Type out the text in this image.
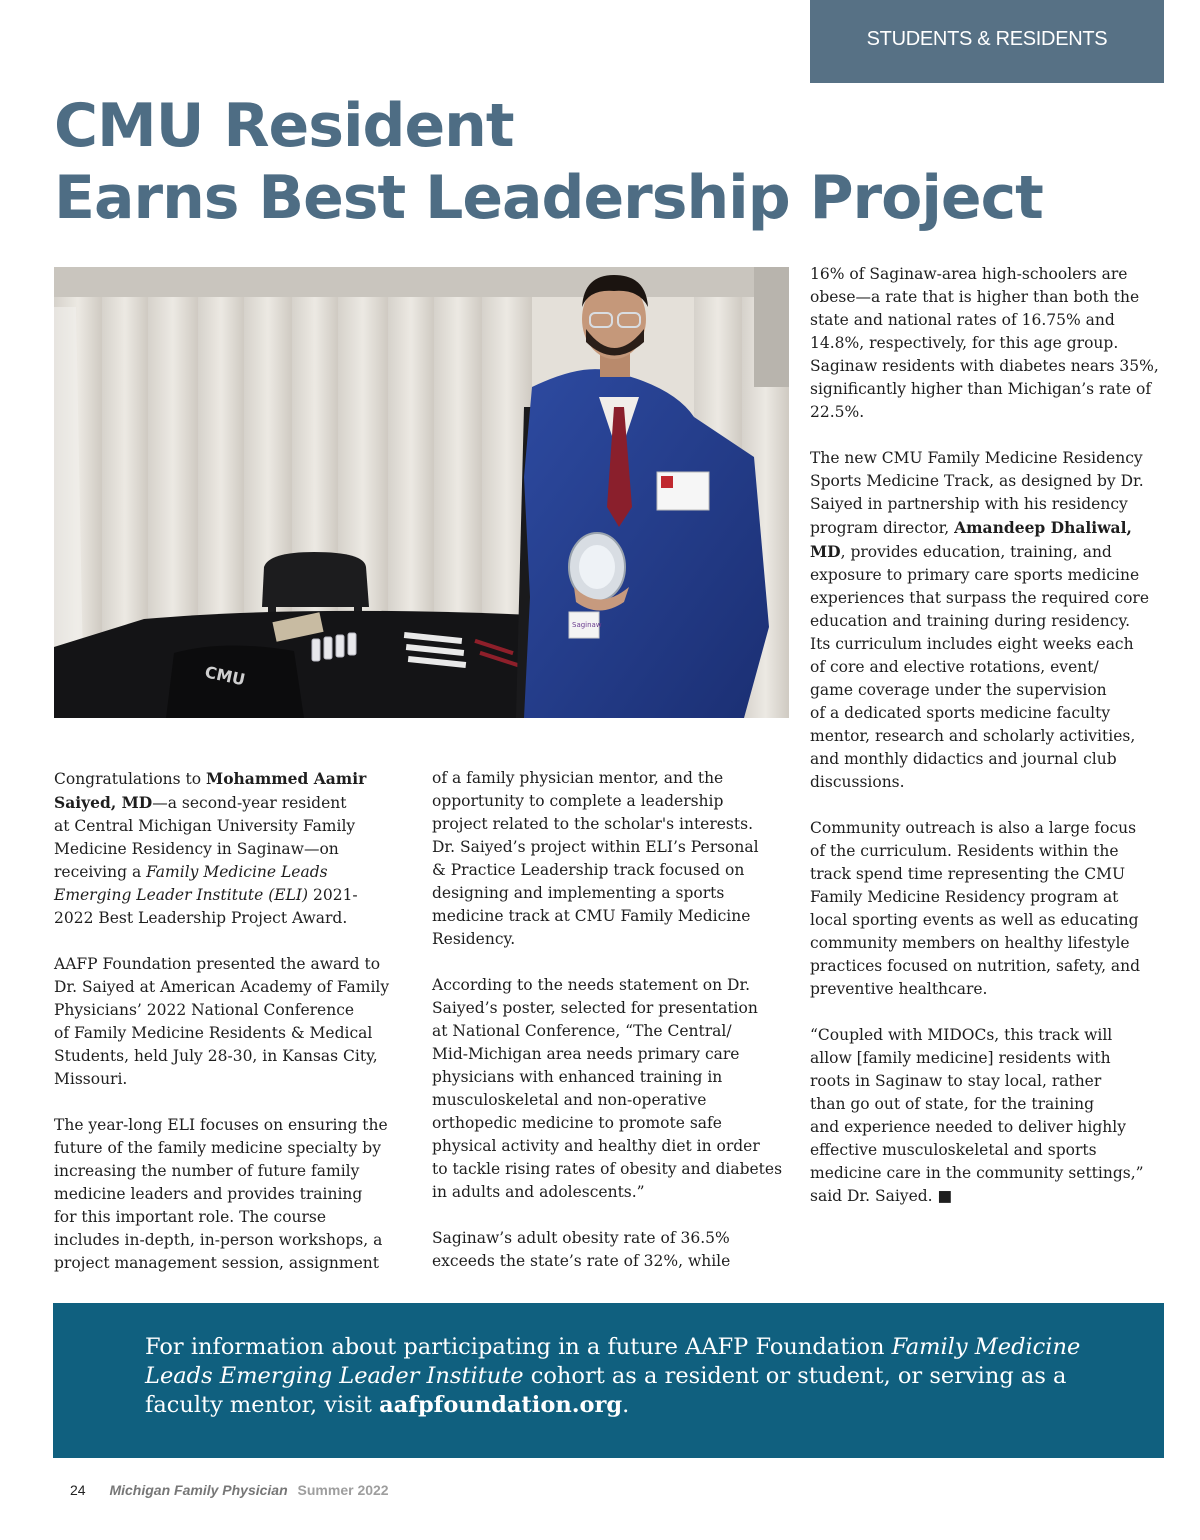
STUDENTS & RESIDENTS
CMU Resident
Earns Best Leadership Project
CMU
Saginaw

Congratulations to Mohammed Aamir
Saiyed, MD—a second-year resident
at Central Michigan University Family
Medicine Residency in Saginaw—on
receiving a Family Medicine Leads
Emerging Leader Institute (ELI) 2021-
2022 Best Leadership Project Award.

AAFP Foundation presented the award to
Dr. Saiyed at American Academy of Family
Physicians’ 2022 National Conference
of Family Medicine Residents & Medical
Students, held July 28-30, in Kansas City,
Missouri.

The year-long ELI focuses on ensuring the
future of the family medicine specialty by
increasing the number of future family
medicine leaders and provides training
for this important role. The course
includes in-depth, in-person workshops, a
project management session, assignment

of a family physician mentor, and the
opportunity to complete a leadership
project related to the scholar's interests.
Dr. Saiyed’s project within ELI’s Personal
& Practice Leadership track focused on
designing and implementing a sports
medicine track at CMU Family Medicine
Residency.

According to the needs statement on Dr.
Saiyed’s poster, selected for presentation
at National Conference, “The Central/
Mid-Michigan area needs primary care
physicians with enhanced training in
musculoskeletal and non-operative
orthopedic medicine to promote safe
physical activity and healthy diet in order
to tackle rising rates of obesity and diabetes
in adults and adolescents.”

Saginaw’s adult obesity rate of 36.5%
exceeds the state’s rate of 32%, while

16% of Saginaw-area high-schoolers are
obese—a rate that is higher than both the
state and national rates of 16.75% and
14.8%, respectively, for this age group.
Saginaw residents with diabetes nears 35%,
significantly higher than Michigan’s rate of
22.5%.

The new CMU Family Medicine Residency
Sports Medicine Track, as designed by Dr.
Saiyed in partnership with his residency
program director, Amandeep Dhaliwal,
MD, provides education, training, and
exposure to primary care sports medicine
experiences that surpass the required core
education and training during residency.
Its curriculum includes eight weeks each
of core and elective rotations, event/
game coverage under the supervision
of a dedicated sports medicine faculty
mentor, research and scholarly activities,
and monthly didactics and journal club
discussions.

Community outreach is also a large focus
of the curriculum. Residents within the
track spend time representing the CMU
Family Medicine Residency program at
local sporting events as well as educating
community members on healthy lifestyle
practices focused on nutrition, safety, and
preventive healthcare.

“Coupled with MIDOCs, this track will
allow [family medicine] residents with
roots in Saginaw to stay local, rather
than go out of state, for the training
and experience needed to deliver highly
effective musculoskeletal and sports
medicine care in the community settings,”
said Dr. Saiyed. ■

For information about participating in a future AAFP Foundation Family Medicine
Leads Emerging Leader Institute cohort as a resident or student, or serving as a
faculty mentor, visit aafpfoundation.org.
24 Michigan Family Physician Summer 2022
